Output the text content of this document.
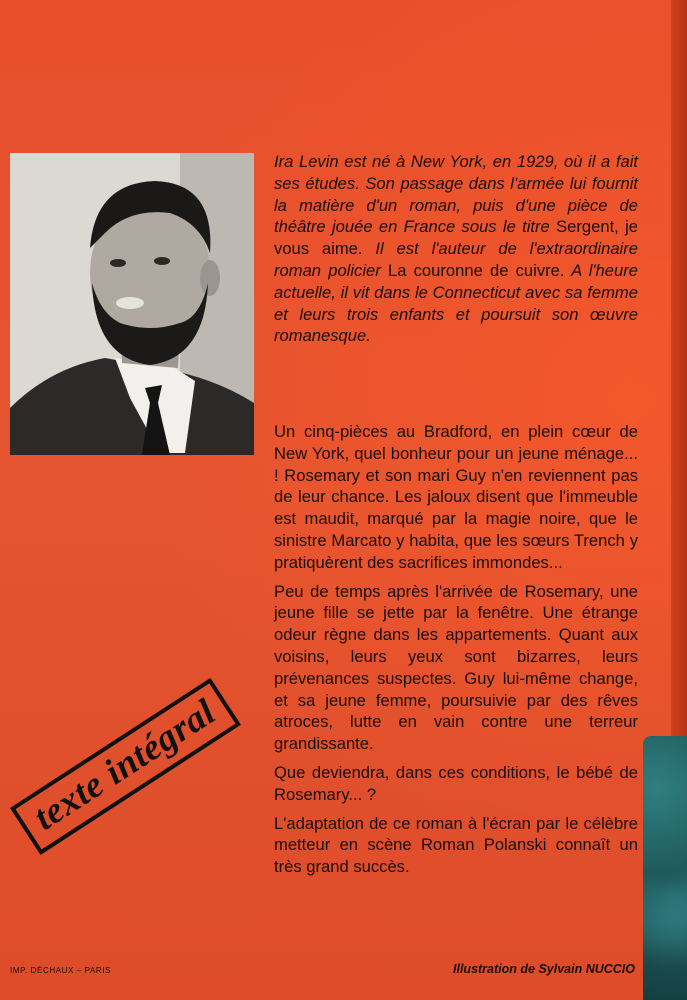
Ira Levin est né à New York, en 1929, où il a fait ses études. Son passage dans l'armée lui fournit la matière d'un roman, puis d'une pièce de théâtre jouée en France sous le titre Sergent, je vous aime. Il est l'auteur de l'extraordinaire roman policier La couronne de cuivre. A l'heure actuelle, il vit dans le Connecticut avec sa femme et leurs trois enfants et poursuit son œuvre romanesque.

Un cinq-pièces au Bradford, en plein cœur de New York, quel bonheur pour un jeune ménage... ! Rosemary et son mari Guy n'en reviennent pas de leur chance. Les jaloux disent que l'immeuble est maudit, marqué par la magie noire, que le sinistre Marcato y habita, que les sœurs Trench y pratiquèrent des sacrifices immondes...

Peu de temps après l'arrivée de Rosemary, une jeune fille se jette par la fenêtre. Une étrange odeur règne dans les appartements. Quant aux voisins, leurs yeux sont bizarres, leurs prévenances suspectes. Guy lui-même change, et sa jeune femme, poursuivie par des rêves atroces, lutte en vain contre une terreur grandissante.

Que deviendra, dans ces conditions, le bébé de Rosemary... ?

L'adaptation de ce roman à l'écran par le célèbre metteur en scène Roman Polanski connaît un très grand succès.

texte intégral
IMP. DÉCHAUX – PARIS	Illustration de Sylvain NUCCIO
